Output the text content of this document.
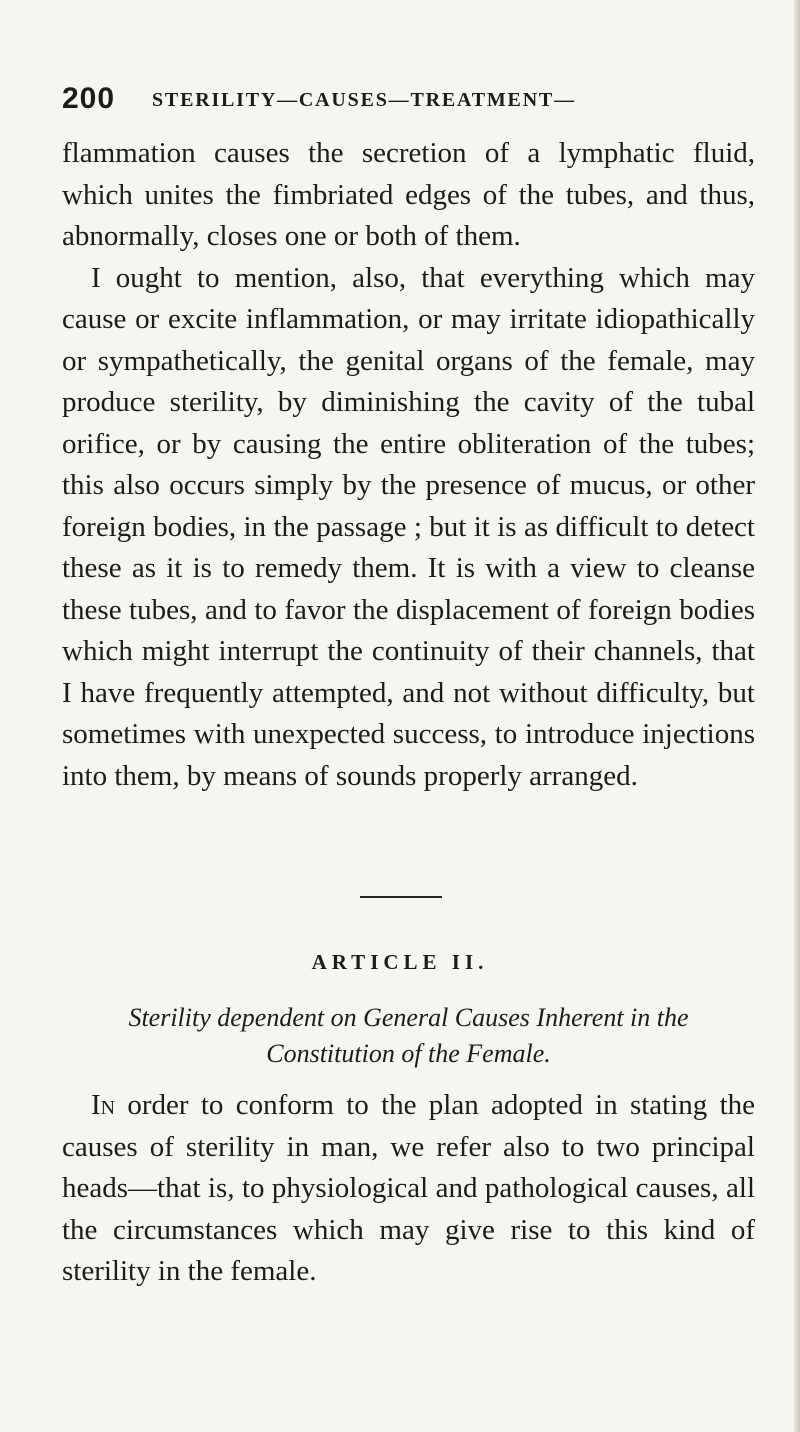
200 STERILITY—CAUSES—TREATMENT—

flammation causes the secretion of a lymphatic fluid, which unites the fimbriated edges of the tubes, and thus, abnormally, closes one or both of them.

I ought to mention, also, that everything which may cause or excite inflammation, or may irritate idiopathically or sympathetically, the genital organs of the female, may produce sterility, by diminishing the cavity of the tubal orifice, or by causing the entire obliteration of the tubes; this also occurs simply by the presence of mucus, or other foreign bodies, in the passage ; but it is as difficult to detect these as it is to remedy them. It is with a view to cleanse these tubes, and to favor the displacement of foreign bodies which might interrupt the continuity of their channels, that I have frequently attempted, and not without difficulty, but sometimes with unexpected success, to introduce injections into them, by means of sounds properly arranged.

ARTICLE II.
Sterility dependent on General Causes Inherent in the Constitution of the Female.

In order to conform to the plan adopted in stating the causes of sterility in man, we refer also to two principal heads—that is, to physiological and pathological causes, all the circumstances which may give rise to this kind of sterility in the female.
